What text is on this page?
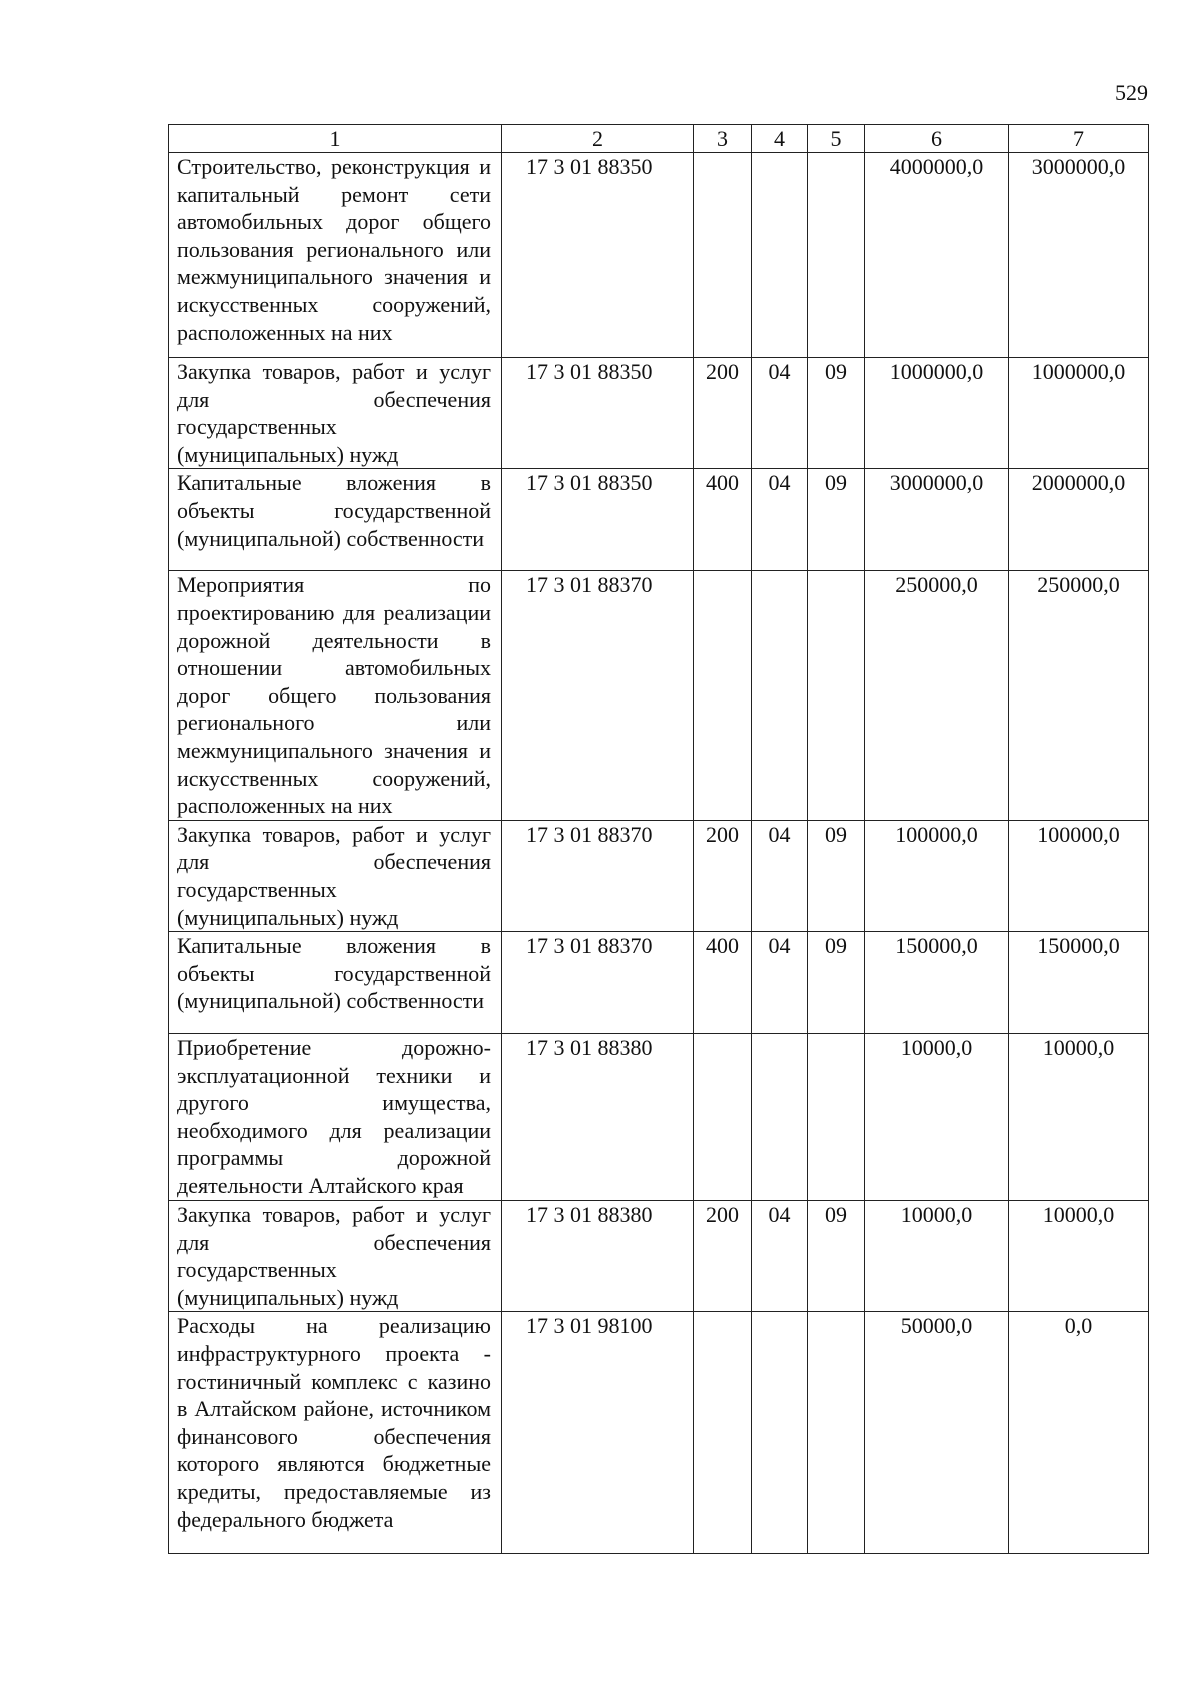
529
1	2	3	4	5	6	7
Строительство, реконструкция и капитальный ремонт сети автомобильных дорог общего пользования регионального или межмуниципального значения и искусственных сооружений, расположенных на них	17 3 01 88350				4000000,0	3000000,0
Закупка товаров, работ и услуг для обеспечения государственных (муниципальных) нужд	17 3 01 88350	200	04	09	1000000,0	1000000,0
Капитальные вложения в объекты государственной (муниципальной) собственности	17 3 01 88350	400	04	09	3000000,0	2000000,0
Мероприятия по проектированию для реализации дорожной деятельности в отношении автомобильных дорог общего пользования регионального или межмуниципального значения и искусственных сооружений, расположенных на них	17 3 01 88370				250000,0	250000,0
Закупка товаров, работ и услуг для обеспечения государственных (муниципальных) нужд	17 3 01 88370	200	04	09	100000,0	100000,0
Капитальные вложения в объекты государственной (муниципальной) собственности	17 3 01 88370	400	04	09	150000,0	150000,0
Приобретение дорожно-эксплуатационной техники и другого имущества, необходимого для реализации программы дорожной деятельности Алтайского края	17 3 01 88380				10000,0	10000,0
Закупка товаров, работ и услуг для обеспечения государственных (муниципальных) нужд	17 3 01 88380	200	04	09	10000,0	10000,0
Расходы на реализацию инфраструктурного проекта - гостиничный комплекс с казино в Алтайском районе, источником финансового обеспечения которого являются бюджетные кредиты, предоставляемые из федерального бюджета	17 3 01 98100				50000,0	0,0
